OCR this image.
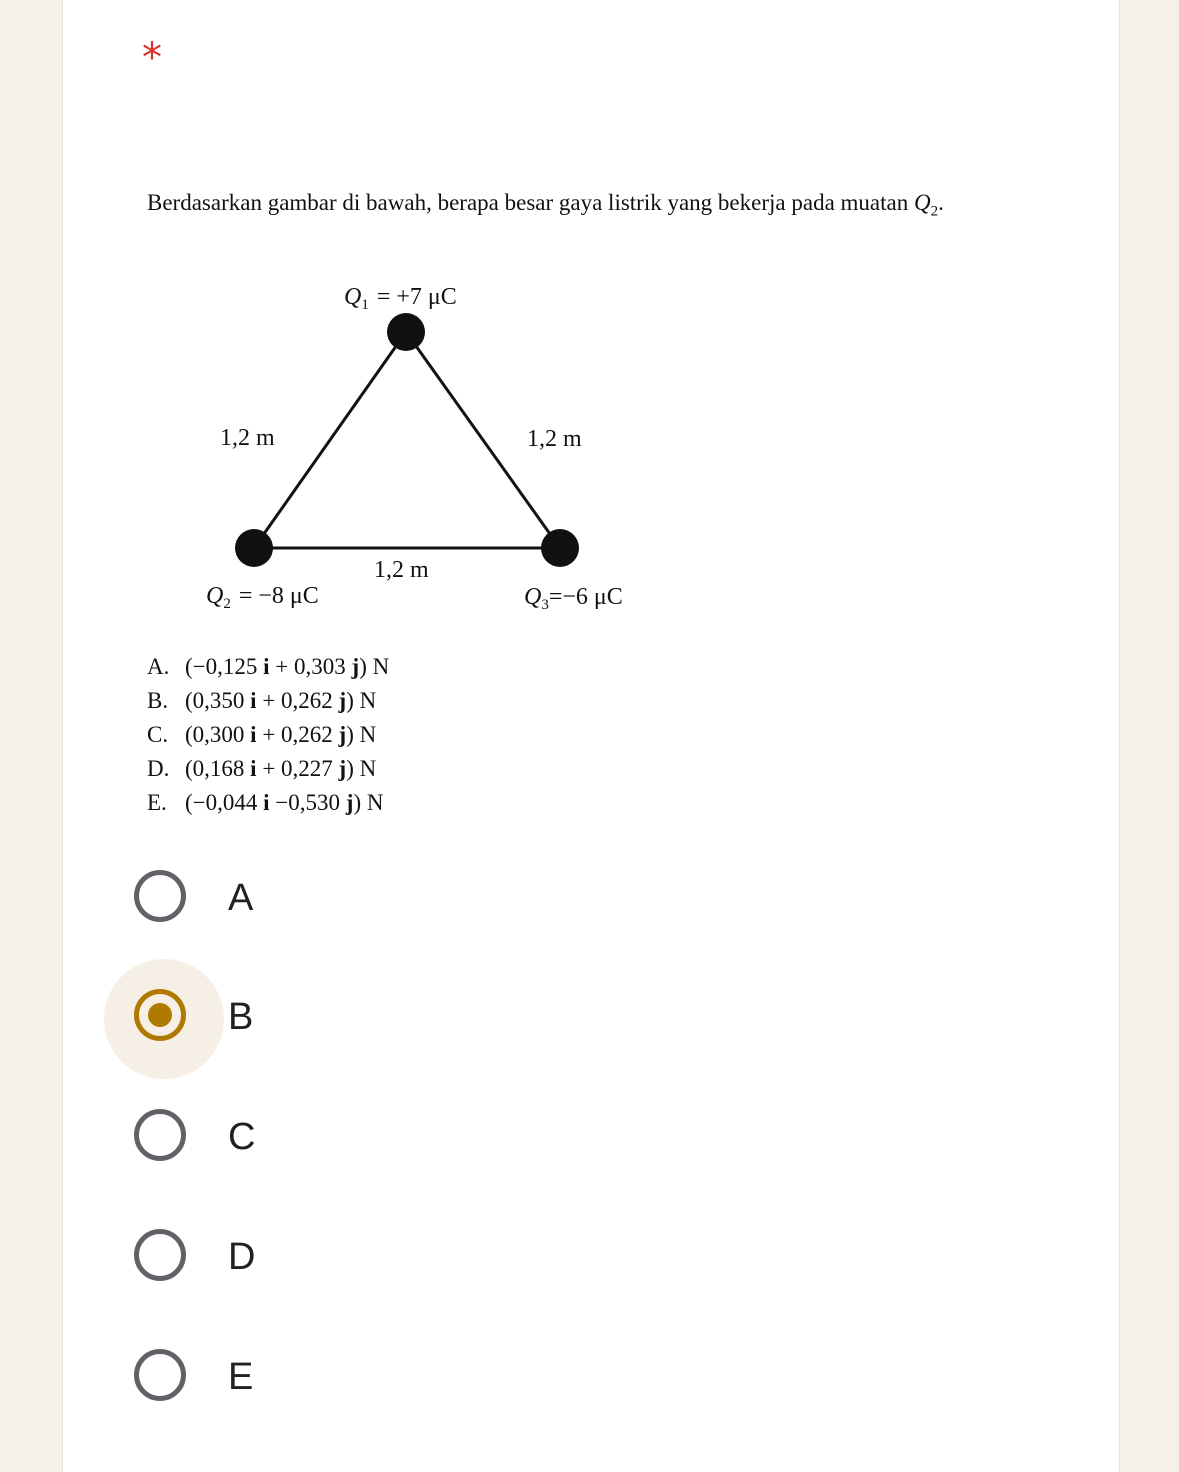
*
Berdasarkan gambar di bawah, berapa besar gaya listrik yang bekerja pada muatan $Q_2$.
$Q_1 = +7$ μC
$Q_2 = -8$ μC	$Q_3=-6$ μC
1,2 m	1,2 m
1,2 m
A. (−0,125 i + 0,303 j) N
B. (0,350 i + 0,262 j) N
C. (0,300 i + 0,262 j) N
D. (0,168 i + 0,227 j) N
E. (−0,044 i −0,530 j) N
A
B
C
D
E
